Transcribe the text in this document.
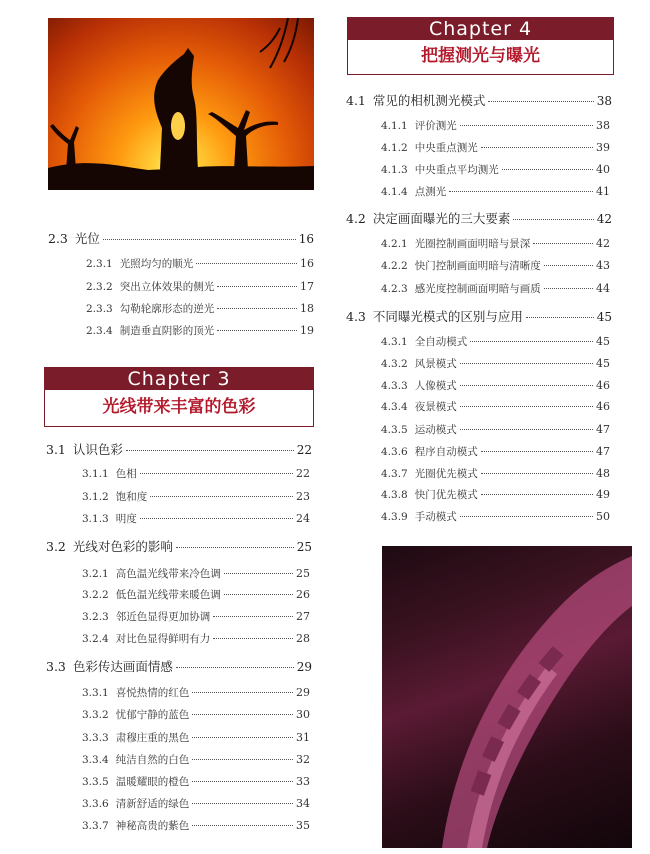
2.3 光位	16
2.3.1 光照均匀的顺光	16
2.3.2 突出立体效果的侧光	17
2.3.3 勾勒轮廓形态的逆光	18
2.3.4 制造垂直阴影的顶光	19
Chapter 3
光线带来丰富的色彩
3.1 认识色彩	22
3.1.1 色相	22
3.1.2 饱和度	23
3.1.3 明度	24
3.2 光线对色彩的影响	25
3.2.1 高色温光线带来冷色调	25
3.2.2 低色温光线带来暖色调	26
3.2.3 邻近色显得更加协调	27
3.2.4 对比色显得鲜明有力	28
3.3 色彩传达画面情感	29
3.3.1 喜悦热情的红色	29
3.3.2 忧郁宁静的蓝色	30
3.3.3 肃穆庄重的黑色	31
3.3.4 纯洁自然的白色	32
3.3.5 温暖耀眼的橙色	33
3.3.6 清新舒适的绿色	34
3.3.7 神秘高贵的紫色	35
Chapter 4
把握测光与曝光
4.1 常见的相机测光模式	38
4.1.1 评价测光	38
4.1.2 中央重点测光	39
4.1.3 中央重点平均测光	40
4.1.4 点测光	41
4.2 决定画面曝光的三大要素	42
4.2.1 光圈控制画面明暗与景深	42
4.2.2 快门控制画面明暗与清晰度	43
4.2.3 感光度控制画面明暗与画质	44
4.3 不同曝光模式的区别与应用	45
4.3.1 全自动模式	45
4.3.2 风景模式	45
4.3.3 人像模式	46
4.3.4 夜景模式	46
4.3.5 运动模式	47
4.3.6 程序自动模式	47
4.3.7 光圈优先模式	48
4.3.8 快门优先模式	49
4.3.9 手动模式	50
